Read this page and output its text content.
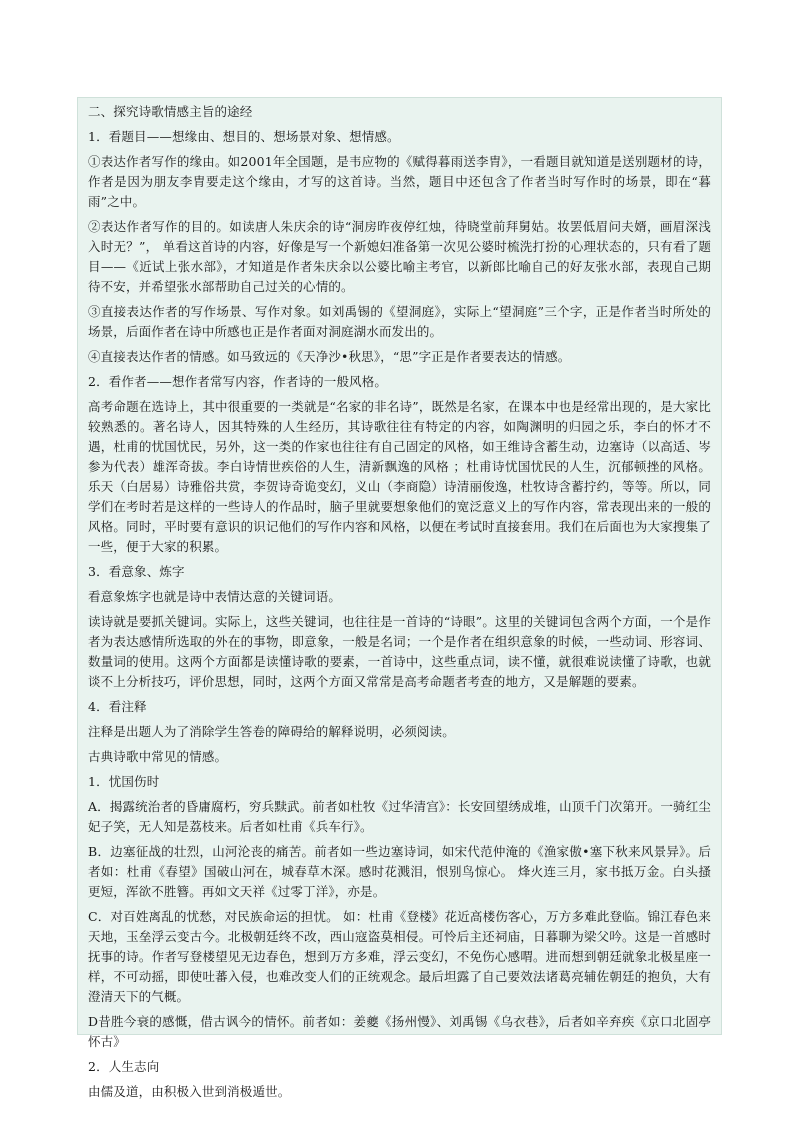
二、探究诗歌情感主旨的途经

1．看题目——想缘由、想目的、想场景对象、想情感。

①表达作者写作的缘由。如2001年全国题，是韦应物的《赋得暮雨送李胄》，一看题目就知道是送别题材的诗，作者是因为朋友李胄要走这个缘由，才写的这首诗。当然，题目中还包含了作者当时写作时的场景，即在“暮雨”之中。

②表达作者写作的目的。如读唐人朱庆余的诗“洞房昨夜停红烛，待晓堂前拜舅姑。妆罢低眉问夫婿，画眉深浅入时无？”， 单看这首诗的内容，好像是写一个新媳妇准备第一次见公婆时梳洗打扮的心理状态的，只有看了题目——《近试上张水部》，才知道是作者朱庆余以公婆比喻主考官，以新郎比喻自己的好友张水部，表现自己期待不安，并希望张水部帮助自己过关的心情的。

③直接表达作者的写作场景、写作对象。如刘禹锡的《望洞庭》，实际上“望洞庭”三个字，正是作者当时所处的场景，后面作者在诗中所感也正是作者面对洞庭湖水而发出的。

④直接表达作者的情感。如马致远的《天净沙•秋思》，“思”字正是作者要表达的情感。

2．看作者——想作者常写内容，作者诗的一般风格。

高考命题在选诗上，其中很重要的一类就是“名家的非名诗”，既然是名家，在课本中也是经常出现的，是大家比较熟悉的。著名诗人，因其特殊的人生经历，其诗歌往往有特定的内容，如陶渊明的归园之乐，李白的怀才不遇，杜甫的忧国忧民，另外，这一类的作家也往往有自己固定的风格，如王维诗含蓄生动，边塞诗（以高适、岑参为代表）雄浑奇拔。李白诗情世疾俗的人生，清新飘逸的风格 ；杜甫诗忧国忧民的人生，沉郁顿挫的风格。乐天（白居易）诗雅俗共赏，李贺诗奇诡变幻，义山（李商隐）诗清丽俊逸，杜牧诗含蓄拧约，等等。所以，同学们在考时若是这样的一些诗人的作品时，脑子里就要想象他们的宽泛意义上的写作内容，常表现出来的一般的风格。同时，平时要有意识的识记他们的写作内容和风格，以便在考试时直接套用。我们在后面也为大家搜集了一些，便于大家的积累。

3．看意象、炼字

看意象炼字也就是诗中表情达意的关键词语。

读诗就是要抓关键词。实际上，这些关键词，也往往是一首诗的“诗眼”。这里的关键词包含两个方面，一个是作者为表达感情所选取的外在的事物，即意象，一般是名词；一个是作者在组织意象的时候，一些动词、形容词、数量词的使用。这两个方面都是读懂诗歌的要素，一首诗中，这些重点词，读不懂，就很难说读懂了诗歌，也就谈不上分析技巧，评价思想，同时，这两个方面又常常是高考命题者考查的地方，又是解题的要素。

4．看注释

注释是出题人为了消除学生答卷的障碍给的解释说明，必须阅读。

古典诗歌中常见的情感。

1．忧国伤时

A．揭露统治者的昏庸腐朽，穷兵黩武。前者如杜牧《过华清宫》：长安回望绣成堆，山顶千门次第开。一骑红尘妃子笑，无人知是荔枝来。后者如杜甫《兵车行》。

B．边塞征战的壮烈，山河沦丧的痛苦。前者如一些边塞诗词，如宋代范仲淹的《渔家傲•塞下秋来风景异》。后者如：杜甫《春望》国破山河在，城春草木深。感时花溅泪，恨别鸟惊心。 烽火连三月，家书抵万金。白头搔更短，浑欲不胜簪。再如文天祥《过零丁洋》，亦是。

C．对百姓离乱的忧愁，对民族命运的担忧。 如：杜甫《登楼》花近高楼伤客心，万方多难此登临。锦江春色来天地，玉垒浮云变古今。北极朝廷终不改，西山寇盗莫相侵。可怜后主还祠庙，日暮聊为梁父吟。这是一首感时抚事的诗。作者写登楼望见无边春色，想到万方多难，浮云变幻，不免伤心感喟。进而想到朝廷就象北极星座一样，不可动摇，即使吐蕃入侵，也难改变人们的正统观念。最后坦露了自己要效法诸葛亮辅佐朝廷的抱负，大有澄清天下的气概。

D昔胜今衰的感慨，借古讽今的情怀。前者如：姜夔《扬州慢》、刘禹锡《乌衣巷》，后者如辛弃疾《京口北固亭怀古》

2．人生志向

由儒及道，由积极入世到消极遁世。
